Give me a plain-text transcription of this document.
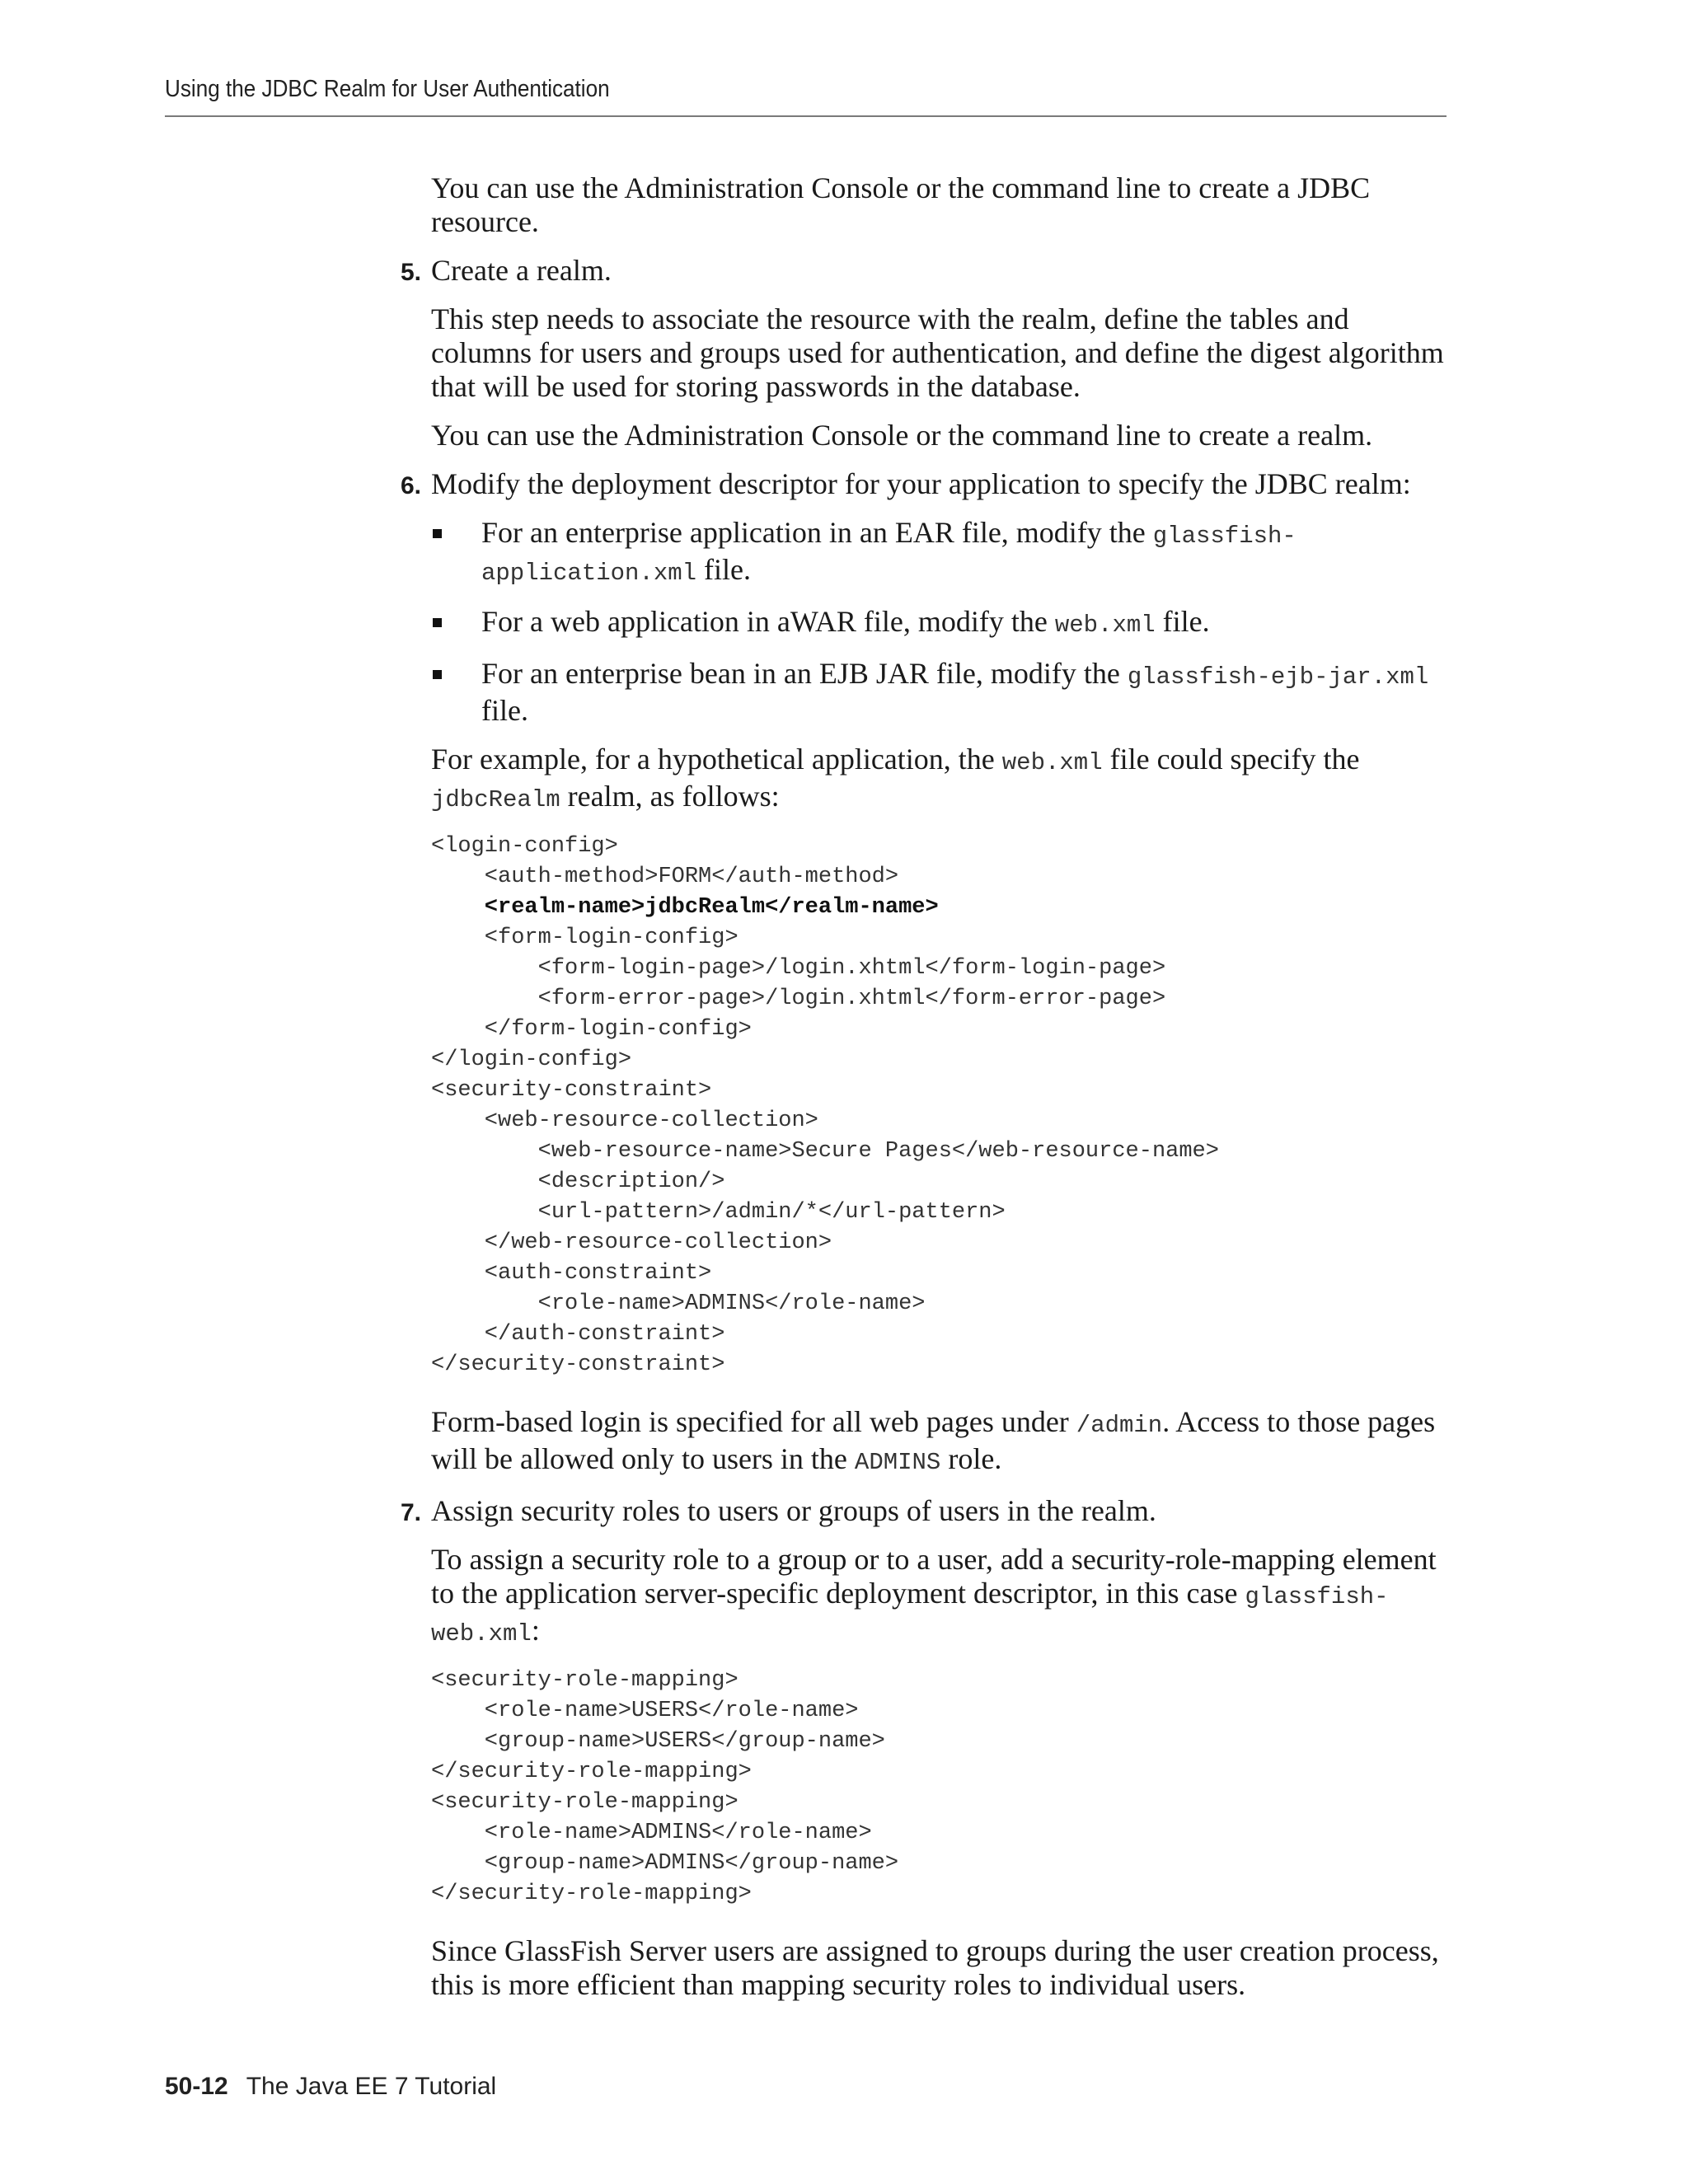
Using the JDBC Realm for User Authentication

You can use the Administration Console or the command line to create a JDBC resource.

5. Create a realm.

This step needs to associate the resource with the realm, define the tables and columns for users and groups used for authentication, and define the digest algorithm that will be used for storing passwords in the database.

You can use the Administration Console or the command line to create a realm.

6. Modify the deployment descriptor for your application to specify the JDBC realm:
For an enterprise application in an EAR file, modify the glassfish-application.xml file.
For a web application in aWAR file, modify the web.xml file.
For an enterprise bean in an EJB JAR file, modify the glassfish-ejb-jar.xml file.

For example, for a hypothetical application, the web.xml file could specify the jdbcRealm realm, as follows:

<login-config>
<auth-method>FORM</auth-method>
<realm-name>jdbcRealm</realm-name>
<form-login-config>
<form-login-page>/login.xhtml</form-login-page>
<form-error-page>/login.xhtml</form-error-page>
</form-login-config>
</login-config>
<security-constraint>
<web-resource-collection>
<web-resource-name>Secure Pages</web-resource-name>
<description/>
<url-pattern>/admin/*</url-pattern>
</web-resource-collection>
<auth-constraint>
<role-name>ADMINS</role-name>
</auth-constraint>
</security-constraint>

Form-based login is specified for all web pages under /admin. Access to those pages will be allowed only to users in the ADMINS role.

7. Assign security roles to users or groups of users in the realm.

To assign a security role to a group or to a user, add a security-role-mapping element to the application server-specific deployment descriptor, in this case glassfish-web.xml:

<security-role-mapping>
<role-name>USERS</role-name>
<group-name>USERS</group-name>
</security-role-mapping>
<security-role-mapping>
<role-name>ADMINS</role-name>
<group-name>ADMINS</group-name>
</security-role-mapping>

Since GlassFish Server users are assigned to groups during the user creation process, this is more efficient than mapping security roles to individual users.

50-12 The Java EE 7 Tutorial
